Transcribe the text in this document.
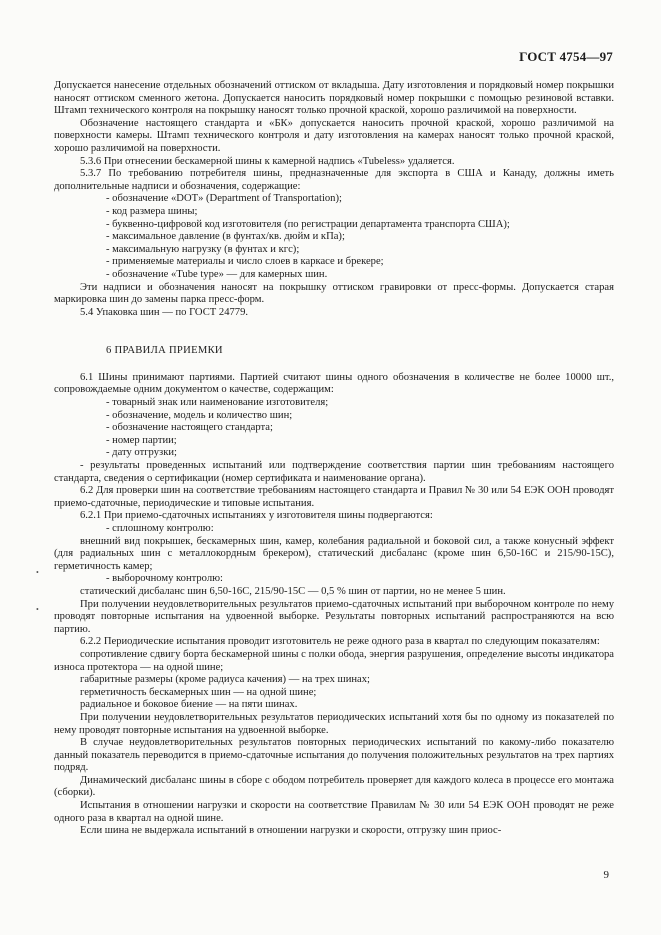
ГОСТ 4754—97

Допускается нанесение отдельных обозначений оттиском от вкладыша. Дату изготовления и порядковый номер покрышки наносят оттиском сменного жетона. Допускается наносить порядковый номер покрышки с помощью резиновой вставки. Штамп технического контроля на покрышку наносят только прочной краской, хорошо различимой на поверхности.

Обозначение настоящего стандарта и «БК» допускается наносить прочной краской, хорошо различимой на поверхности камеры. Штамп технического контроля и дату изготовления на камерах наносят только прочной краской, хорошо различимой на поверхности.

5.3.6 При отнесении бескамерной шины к камерной надпись «Tubeless» удаляется.

5.3.7 По требованию потребителя шины, предназначенные для экспорта в США и Канаду, должны иметь дополнительные надписи и обозначения, содержащие:

- обозначение «DOT» (Department of Transportation);

- код размера шины;

- буквенно-цифровой код изготовителя (по регистрации департамента транспорта США);

- максимальное давление (в фунтах/кв. дюйм и кПа);

- максимальную нагрузку (в фунтах и кгс);

- применяемые материалы и число слоев в каркасе и брекере;

- обозначение «Tube type» — для камерных шин.

Эти надписи и обозначения наносят на покрышку оттиском гравировки от пресс-формы. Допускается старая маркировка шин до замены парка пресс-форм.

5.4 Упаковка шин — по ГОСТ 24779.

6 ПРАВИЛА ПРИЕМКИ

6.1 Шины принимают партиями. Партией считают шины одного обозначения в количестве не более 10000 шт., сопровождаемые одним документом о качестве, содержащим:

- товарный знак или наименование изготовителя;

- обозначение, модель и количество шин;

- обозначение настоящего стандарта;

- номер партии;

- дату отгрузки;

- результаты проведенных испытаний или подтверждение соответствия партии шин требованиям настоящего стандарта, сведения о сертификации (номер сертификата и наименование органа).

6.2 Для проверки шин на соответствие требованиям настоящего стандарта и Правил № 30 или 54 ЕЭК ООН проводят приемо-сдаточные, периодические и типовые испытания.

6.2.1 При приемо-сдаточных испытаниях у изготовителя шины подвергаются:

- сплошному контролю:

внешний вид покрышек, бескамерных шин, камер, колебания радиальной и боковой сил, а также конусный эффект (для радиальных шин с металлокордным брекером), статический дисбаланс (кроме шин 6,50-16С и 215/90-15С), герметичность камер;

- выборочному контролю:

статический дисбаланс шин 6,50-16С, 215/90-15С — 0,5 % шин от партии, но не менее 5 шин.

При получении неудовлетворительных результатов приемо-сдаточных испытаний при выборочном контроле по нему проводят повторные испытания на удвоенной выборке. Результаты повторных испытаний распространяются на всю партию.

6.2.2 Периодические испытания проводит изготовитель не реже одного раза в квартал по следующим показателям:

сопротивление сдвигу борта бескамерной шины с полки обода, энергия разрушения, определение высоты индикатора износа протектора — на одной шине;

габаритные размеры (кроме радиуса качения) — на трех шинах;

герметичность бескамерных шин — на одной шине;

радиальное и боковое биение — на пяти шинах.

При получении неудовлетворительных результатов периодических испытаний хотя бы по одному из показателей по нему проводят повторные испытания на удвоенной выборке.

В случае неудовлетворительных результатов повторных периодических испытаний по какому-либо показателю данный показатель переводится в приемо-сдаточные испытания до получения положительных результатов на трех партиях подряд.

Динамический дисбаланс шины в сборе с ободом потребитель проверяет для каждого колеса в процессе его монтажа (сборки).

Испытания в отношении нагрузки и скорости на соответствие Правилам № 30 или 54 ЕЭК ООН проводят не реже одного раза в квартал на одной шине.

Если шина не выдержала испытаний в отношении нагрузки и скорости, отгрузку шин приос-

•
•
9
